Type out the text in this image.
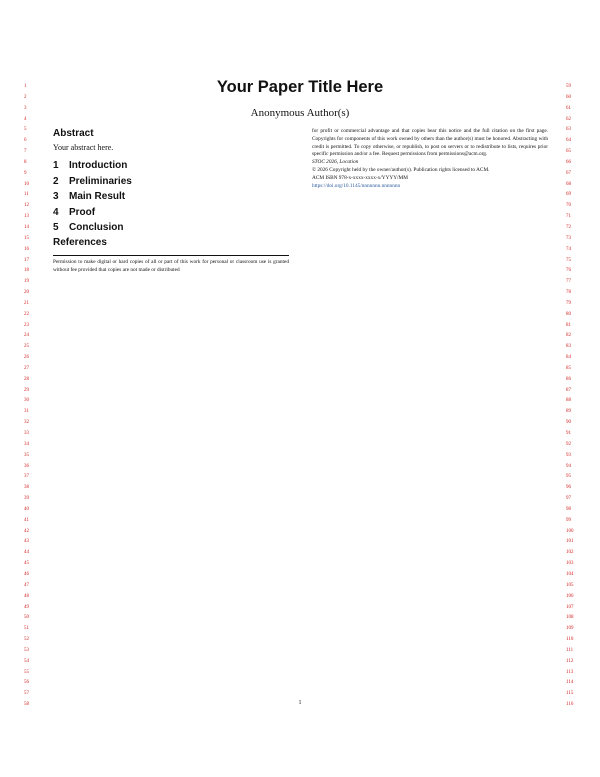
1
2
3
4
5
6
7
8
9
10
11
12
13
14
15
16
17
18
19
20
21
22
23
24
25
26
27
28
29
30
31
32
33
34
35
36
37
38
39
40
41
42
43
44
45
46
47
48
49
50
51
52
53
54
55
56
57
58
59
60
61
62
63
64
65
66
67
68
69
70
71
72
73
74
75
76
77
78
79
80
81
82
83
84
85
86
87
88
89
90
91
92
93
94
95
96
97
98
99
100
101
102
103
104
105
106
107
108
109
110
111
112
113
114
115
116
Your Paper Title Here
Anonymous Author(s)
Abstract
Your abstract here.
1	Introduction
2	Preliminaries
3	Main Result
4	Proof
5	Conclusion
References
Permission to make digital or hard copies of all or part of this work for personal or classroom use is granted without fee provided that copies are not made or distributed

for profit or commercial advantage and that copies bear this notice and the full citation on the first page. Copyrights for components of this work owned by others than the author(s) must be honored. Abstracting with credit is permitted. To copy otherwise, or republish, to post on servers or to redistribute to lists, requires prior specific permission and/or a fee. Request permissions from permissions@acm.org.

STOC 2026, Location

© 2026 Copyright held by the owner/author(s). Publication rights licensed to ACM.

ACM ISBN 978-x-xxxx-xxxx-x/YYYY/MM

https://doi.org/10.1145/nnnnnnn.nnnnnnn

1
